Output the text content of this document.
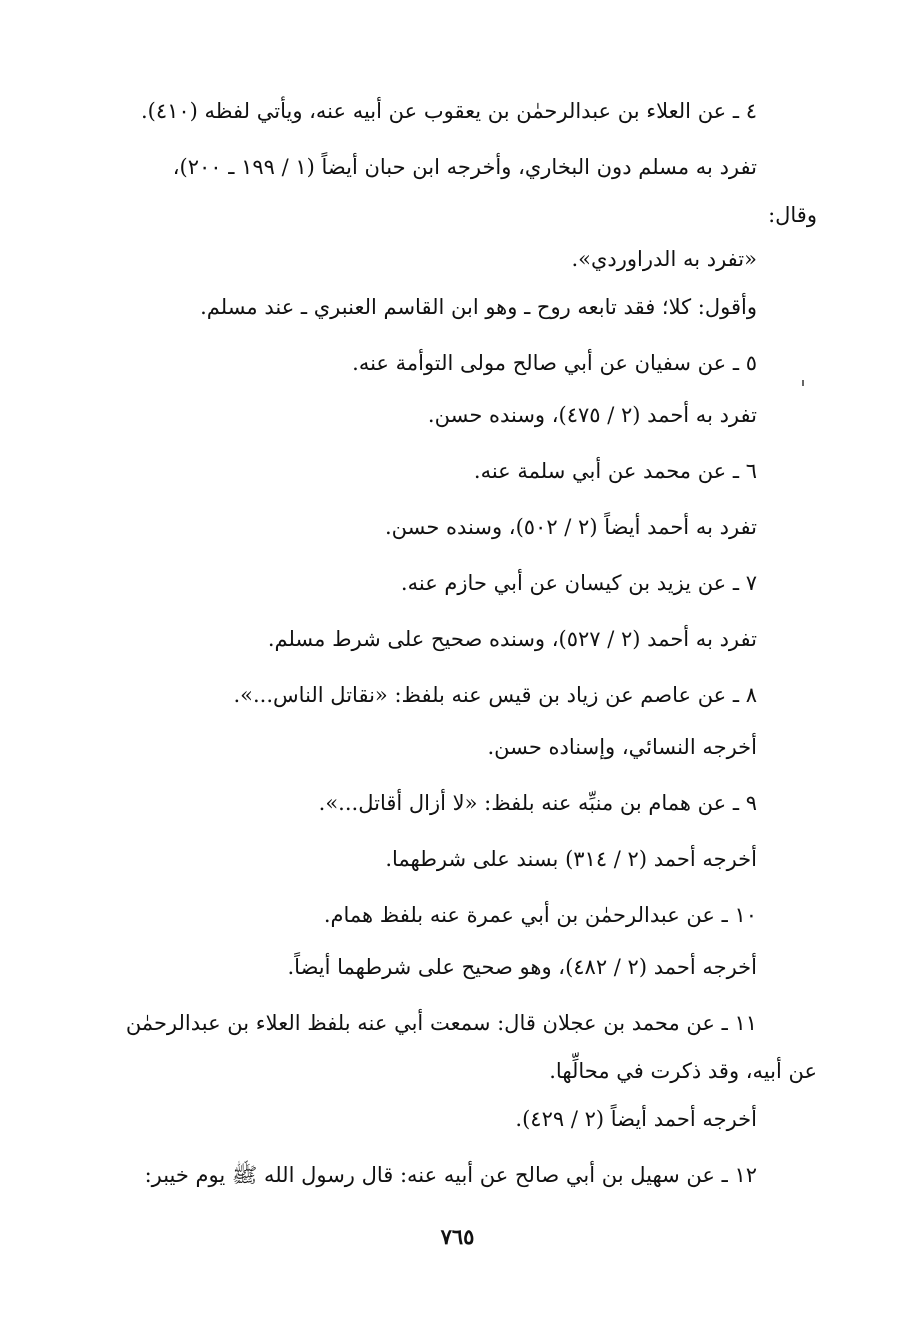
٤ ـ عن العلاء بن عبدالرحمٰن بن يعقوب عن أبيه عنه، ويأتي لفظه (٤١٠).
تفرد به مسلم دون البخاري، وأخرجه ابن حبان أيضاً (١ / ١٩٩ ـ ٢٠٠)،
وقال:
«تفرد به الدراوردي».
وأقول: كلا؛ فقد تابعه روح ـ وهو ابن القاسم العنبري ـ عند مسلم.
٥ ـ عن سفيان عن أبي صالح مولى التوأمة عنه.
تفرد به أحمد (٢ / ٤٧٥)، وسنده حسن.
٦ ـ عن محمد عن أبي سلمة عنه.
تفرد به أحمد أيضاً (٢ / ٥٠٢)، وسنده حسن.
٧ ـ عن يزيد بن كيسان عن أبي حازم عنه.
تفرد به أحمد (٢ / ٥٢٧)، وسنده صحيح على شرط مسلم.
٨ ـ عن عاصم عن زياد بن قيس عنه بلفظ: «نقاتل الناس...».
أخرجه النسائي، وإسناده حسن.
٩ ـ عن همام بن منبِّه عنه بلفظ: «لا أزال أقاتل...».
أخرجه أحمد (٢ / ٣١٤) بسند على شرطهما.
١٠ ـ عن عبدالرحمٰن بن أبي عمرة عنه بلفظ همام.
أخرجه أحمد (٢ / ٤٨٢)، وهو صحيح على شرطهما أيضاً.
١١ ـ عن محمد بن عجلان قال: سمعت أبي عنه بلفظ العلاء بن عبدالرحمٰن
عن أبيه، وقد ذكرت في محالِّها.
أخرجه أحمد أيضاً (٢ / ٤٢٩).
١٢ ـ عن سهيل بن أبي صالح عن أبيه عنه: قال رسول الله ﷺ يوم خيبر:
٧٦٥
